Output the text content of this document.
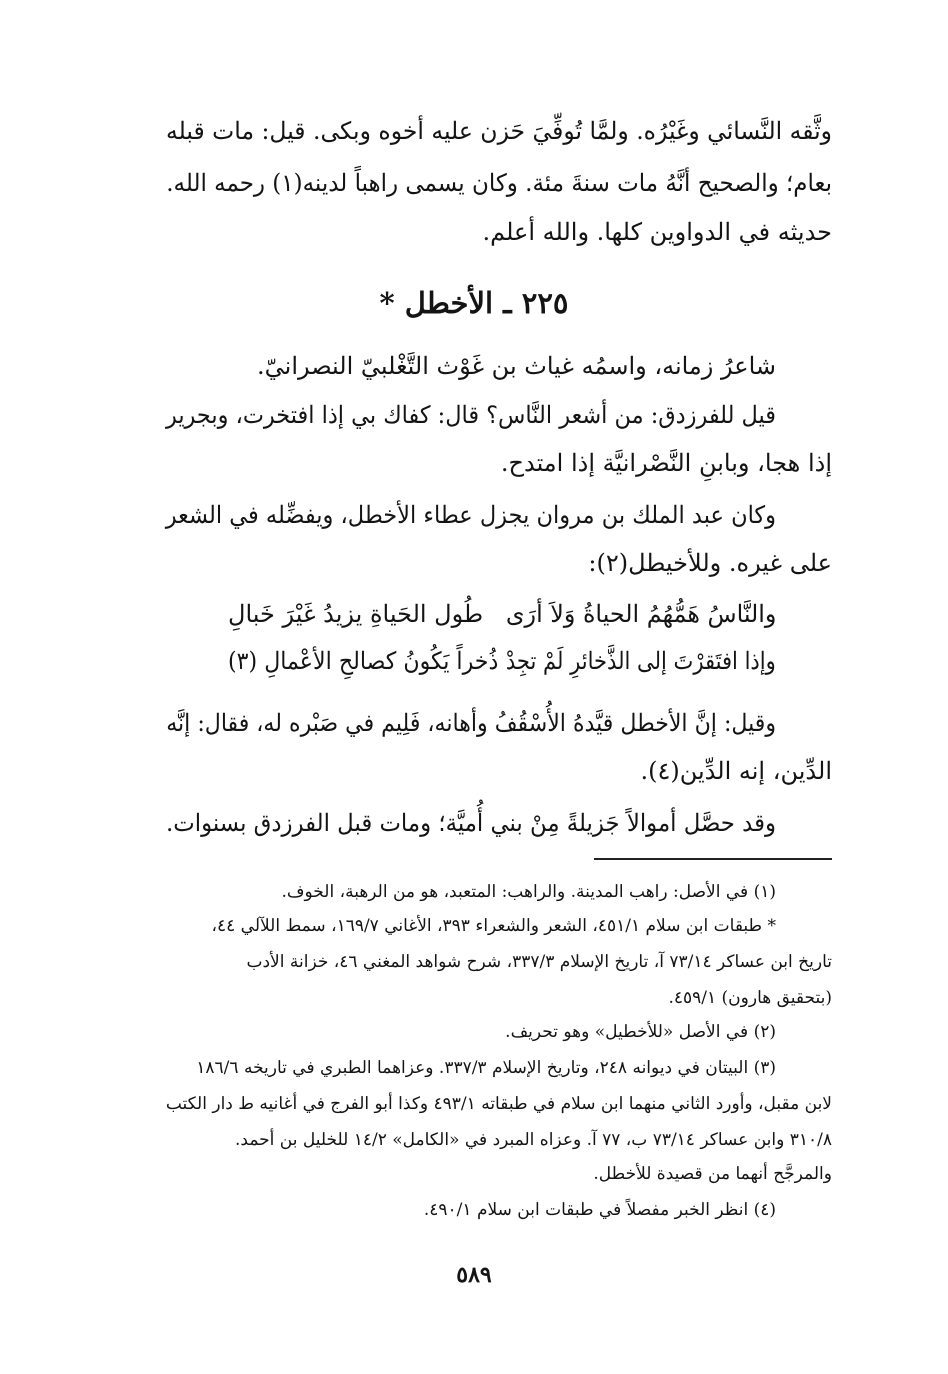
وثَّقه النَّسائي وغَيْرُه. ولمَّا تُوفِّيَ حَزن عليه أخوه وبكى. قيل: مات قبله
بعام؛ والصحيح أنَّهُ مات سنةَ مئة. وكان يسمى راهباً لدينه(١) رحمه الله.
حديثه في الدواوين كلها. والله أعلم.
٢٢٥ ـ الأخطل *
شاعرُ زمانه، واسمُه غياث بن غَوْث التَّغْلبيّ النصرانيّ.
قيل للفرزدق: من أشعر النَّاس؟ قال: كفاك بي إذا افتخرت، وبجرير
إذا هجا، وبابنِ النَّصْرانيَّة إذا امتدح.
وكان عبد الملك بن مروان يجزل عطاء الأخطل، ويفضِّله في الشعر
على غيره. وللأخيطل(٢):
والنَّاسُ هَمُّهُمُ الحياةُ وَلاَ أرَى
طُول الحَياةِ يزيدُ غَيْرَ خَبالِ
وإذا افتَقرْتَ إلى الذَّخائرِ لَمْ تجِدْ
ذُخراً يَكُونُ كصالحِ الأعْمالِ (٣)
وقيل: إنَّ الأخطل قيَّدهُ الأُسْقُفُ وأهانه، فَلِيم في صَبْره له، فقال: إنَّه
الدِّين، إنه الدِّين(٤).
وقد حصَّل أموالاً جَزيلةً مِنْ بني أُميَّة؛ ومات قبل الفرزدق بسنوات.
(١) في الأصل: راهب المدينة. والراهب: المتعبد، هو من الرهبة، الخوف.
* طبقات ابن سلام ٤٥١/١، الشعر والشعراء ٣٩٣، الأغاني ١٦٩/٧، سمط اللآلي ٤٤،
تاريخ ابن عساكر ٧٣/١٤ آ، تاريخ الإسلام ٣٣٧/٣، شرح شواهد المغني ٤٦، خزانة الأدب
(بتحقيق هارون) ٤٥٩/١.
(٢) في الأصل «للأخطيل» وهو تحريف.
(٣) البيتان في ديوانه ٢٤٨، وتاريخ الإسلام ٣٣٧/٣. وعزاهما الطبري في تاريخه ١٨٦/٦
لابن مقبل، وأورد الثاني منهما ابن سلام في طبقاته ٤٩٣/١ وكذا أبو الفرج في أغانيه ط دار الكتب
٣١٠/٨ وابن عساكر ٧٣/١٤ ب، ٧٧ آ. وعزاه المبرد في «الكامل» ١٤/٢ للخليل بن أحمد.
والمرجَّح أنهما من قصيدة للأخطل.
(٤) انظر الخبر مفصلاً في طبقات ابن سلام ٤٩٠/١.
٥٨٩
